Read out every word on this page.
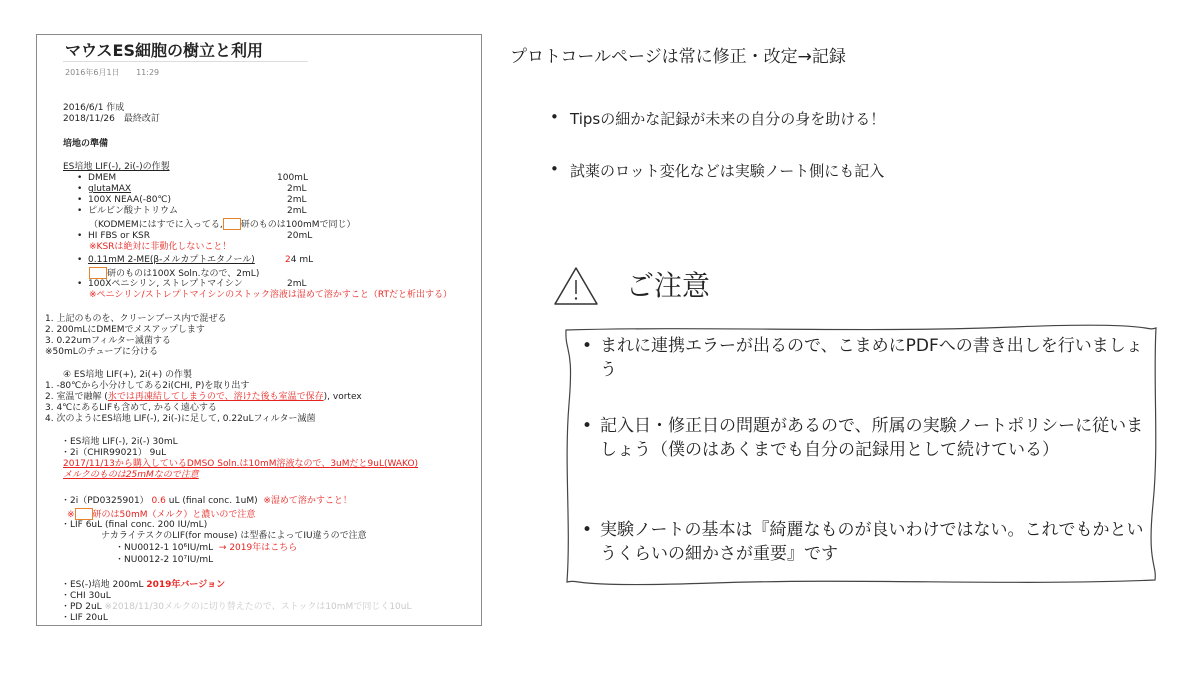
マウスES細胞の樹立と利用
2016年6月1日 11:29
2016/6/1 作成
2018/11/26　最終改訂
培地の準備
ES培地 LIF(-), 2i(-)の作製
•  DMEM	100mL
•  glutaMAX	2mL
•  100X NEAA(-80℃)	2mL
•  ピルビン酸ナトリウム	2mL
（KODMEMにはすでに入ってる, 研のものは100mMで同じ）
•  HI FBS or KSR	20mL
※KSRは絶対に非動化しないこと！
•  0.11mM 2-ME(β-メルカプトエタノール)	24 mL
研のものは100X Soln.なので、2mL)
•  100Xペニシリン, ストレプトマイシン	2mL
※ペニシリン/ストレプトマイシンのストック溶液は湿めて溶かすこと（RTだと析出する）
1. 上記のものを、クリーンブース内で混ぜる
2. 200mLにDMEMでメスアップします
3. 0.22umフィルター滅菌する
※50mLのチューブに分ける
④ ES培地 LIF(+), 2i(+) の作製
1. -80℃から小分けしてある2i(CHI, P)を取り出す
2. 室温で融解 (氷では再凍結してしまうので、溶けた後も室温で保存), vortex
3. 4℃にあるLIFも含めて, かるく遠心する
4. 次のようにES培地 LIF(-), 2i(-)に足して, 0.22uLフィルター滅菌
・ES培地 LIF(-), 2i(-) 30mL
・2i（CHIR99021） 9uL
2017/11/13から購入しているDMSO Soln.は10mM溶液なので、3uMだと9uL(WAKO)
メルクのものは25mMなので注意
・2i（PD0325901） 0.6 uL (final conc. 1uM) ※湿めて溶かすこと！
※ 研のは50mM（メルク）と濃いので注意
・LIF 6uL (final conc. 200 IU/mL)
ナカライテスクのLIF(for mouse) は型番によってIU違うので注意
・NU0012-1 10⁶IU/mL → 2019年はこちら
・NU0012-2 10⁷IU/mL
・ES(-)培地 200mL 2019年バージョン
・CHI 30uL
・PD 2uL ※2018/11/30メルクのに切り替えたので、ストックは10mMで同じく10uL
・LIF 20uL
プロトコールページは常に修正・改定→記録
• Tipsの細かな記録が未来の自分の身を助ける！
• 試薬のロット変化などは実験ノート側にも記入
ご注意
• まれに連携エラーが出るので、こまめにPDFへの書き出しを行いましょう
• 記入日・修正日の問題があるので、所属の実験ノートポリシーに従いましょう（僕のはあくまでも自分の記録用として続けている）
• 実験ノートの基本は『綺麗なものが良いわけではない。これでもかというくらいの細かさが重要』です
